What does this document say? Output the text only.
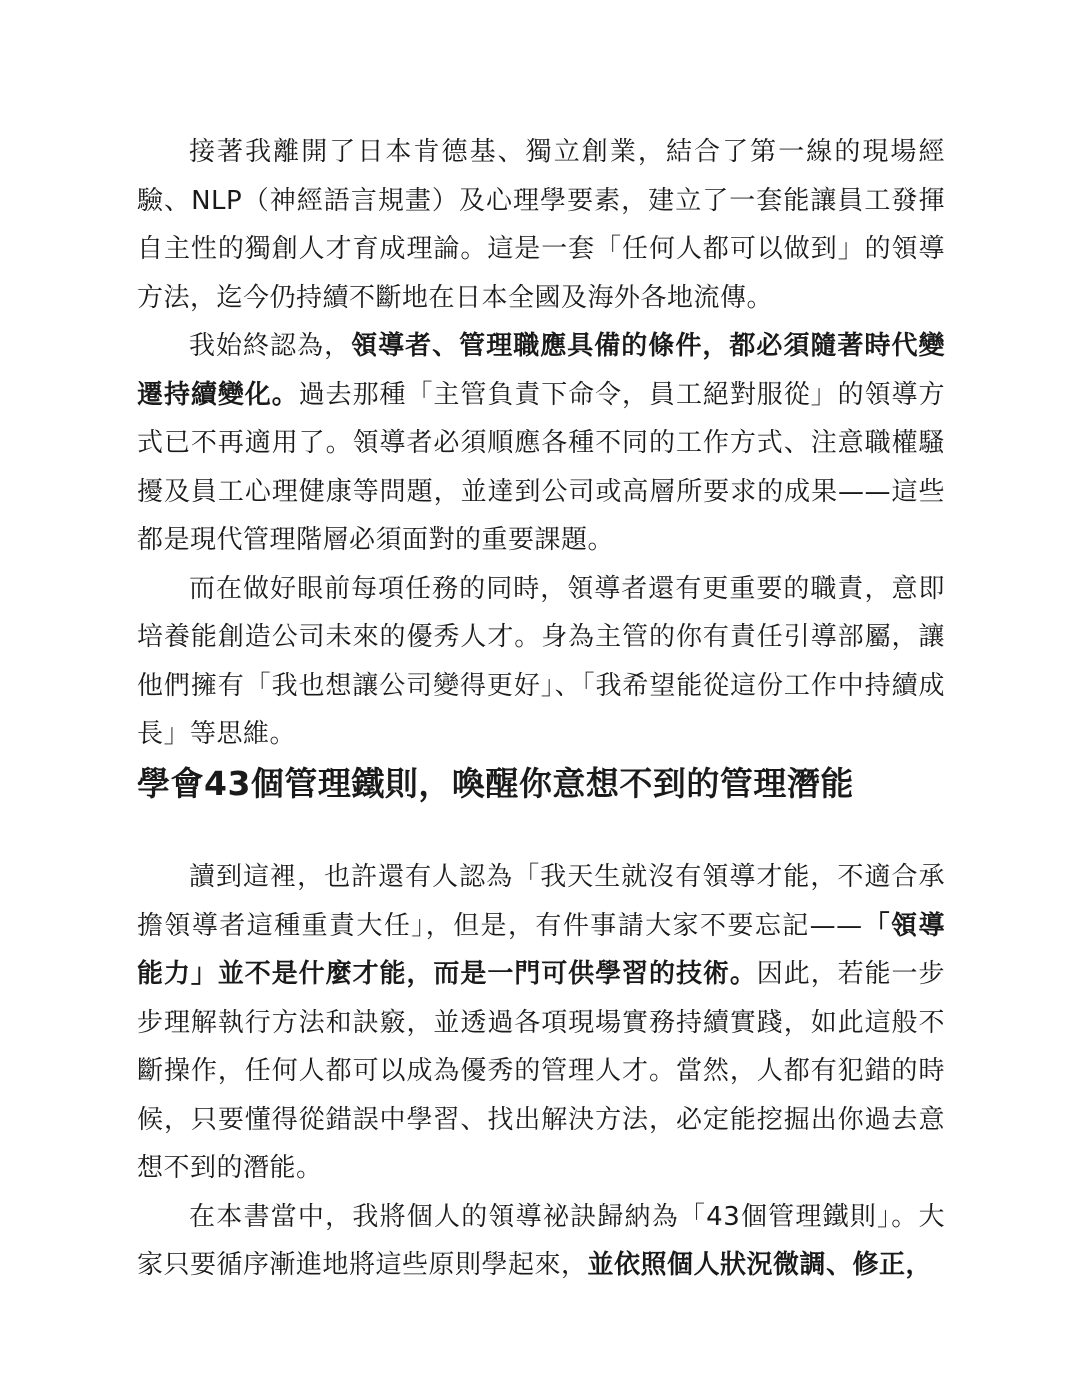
接著我離開了日本肯德基、獨立創業，結合了第一線的現場經驗、NLP（神經語言規畫）及心理學要素，建立了一套能讓員工發揮自主性的獨創人才育成理論。這是一套「任何人都可以做到」的領導方法，迄今仍持續不斷地在日本全國及海外各地流傳。

我始終認為，領導者、管理職應具備的條件，都必須隨著時代變遷持續變化。過去那種「主管負責下命令，員工絕對服從」的領導方式已不再適用了。領導者必須順應各種不同的工作方式、注意職權騷擾及員工心理健康等問題，並達到公司或高層所要求的成果——這些都是現代管理階層必須面對的重要課題。

而在做好眼前每項任務的同時，領導者還有更重要的職責，意即培養能創造公司未來的優秀人才。身為主管的你有責任引導部屬，讓他們擁有「我也想讓公司變得更好」、「我希望能從這份工作中持續成長」等思維。

學會43個管理鐵則，喚醒你意想不到的管理潛能

讀到這裡，也許還有人認為「我天生就沒有領導才能，不適合承擔領導者這種重責大任」，但是，有件事請大家不要忘記——「領導能力」並不是什麼才能，而是一門可供學習的技術。因此，若能一步步理解執行方法和訣竅，並透過各項現場實務持續實踐，如此這般不斷操作，任何人都可以成為優秀的管理人才。當然，人都有犯錯的時候，只要懂得從錯誤中學習、找出解決方法，必定能挖掘出你過去意想不到的潛能。

在本書當中，我將個人的領導祕訣歸納為「43個管理鐵則」。大家只要循序漸進地將這些原則學起來，並依照個人狀況微調、修正，
